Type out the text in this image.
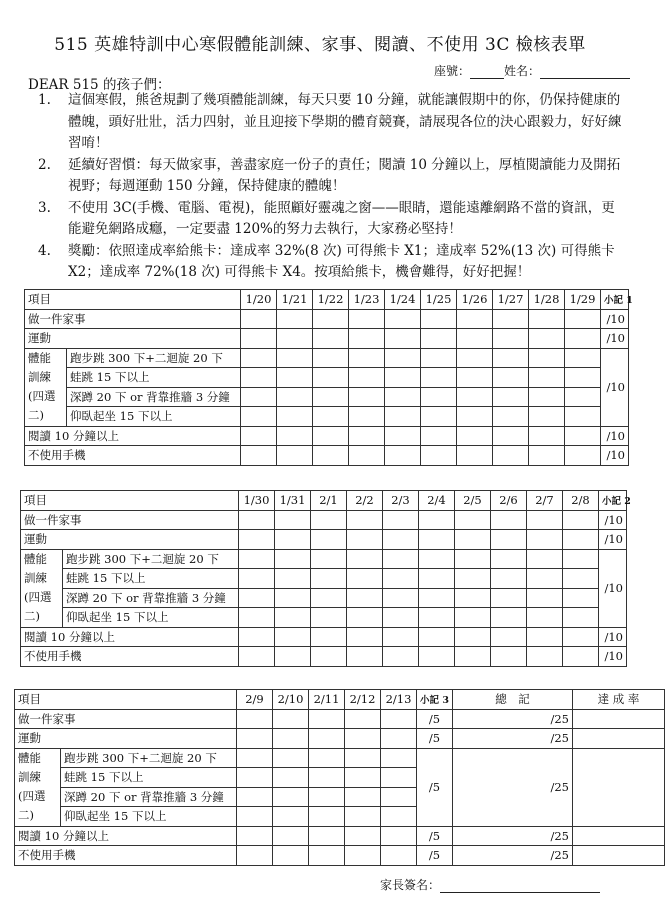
515 英雄特訓中心寒假體能訓練、家事、閱讀、不使用 3C 檢核表單
座號：	姓名：
DEAR 515 的孩子們：
1.	這個寒假，熊爸規劃了幾項體能訓練，每天只要 10 分鐘，就能讓假期中的你，仍保持健康的體魄，頭好壯壯，活力四射，並且迎接下學期的體育競賽，請展現各位的決心跟毅力，好好練習唷！
2.	延續好習慣：每天做家事，善盡家庭一份子的責任；閱讀 10 分鐘以上，厚植閱讀能力及開拓視野；每週運動 150 分鐘，保持健康的體魄！
3.	不使用 3C(手機、電腦、電視)，能照顧好靈魂之窗——眼睛，還能遠離網路不當的資訊，更能避免網路成癮，一定要盡 120%的努力去執行，大家務必堅持！
4.	獎勵：依照達成率給熊卡：達成率 32%(8 次) 可得熊卡 X1；達成率 52%(13 次) 可得熊卡 X2；達成率 72%(18 次) 可得熊卡 X4。按項給熊卡，機會難得，好好把握！
項目		1/20	1/21	1/22	1/23	1/24	1/25	1/26	1/27	1/28	1/29	小記 1
做一件家事												/10
運動												/10
體能
訓練
(四選
二)	跑步跳 300 下+二迴旋 20 下											/10
	蛙跳 15 下以上											
	深蹲 20 下 or 背靠推牆 3 分鐘											
	仰臥起坐 15 下以上											
閱讀 10 分鐘以上												/10
不使用手機												/10
項目		1/30	1/31	2/1	2/2	2/3	2/4	2/5	2/6	2/7	2/8	小記 2
做一件家事												/10
運動												/10
體能
訓練
(四選
二)	跑步跳 300 下+二迴旋 20 下											/10
	蛙跳 15 下以上											
	深蹲 20 下 or 背靠推牆 3 分鐘											
	仰臥起坐 15 下以上											
閱讀 10 分鐘以上												/10
不使用手機												/10
項目		2/9	2/10	2/11	2/12	2/13	小記 3	總　記	達 成 率
做一件家事							/5	/25	
運動							/5	/25	
體能
訓練
(四選
二)	跑步跳 300 下+二迴旋 20 下						/5	/25	
	蛙跳 15 下以上								
	深蹲 20 下 or 背靠推牆 3 分鐘								
	仰臥起坐 15 下以上								
閱讀 10 分鐘以上							/5	/25	
不使用手機							/5	/25	
家長簽名：
